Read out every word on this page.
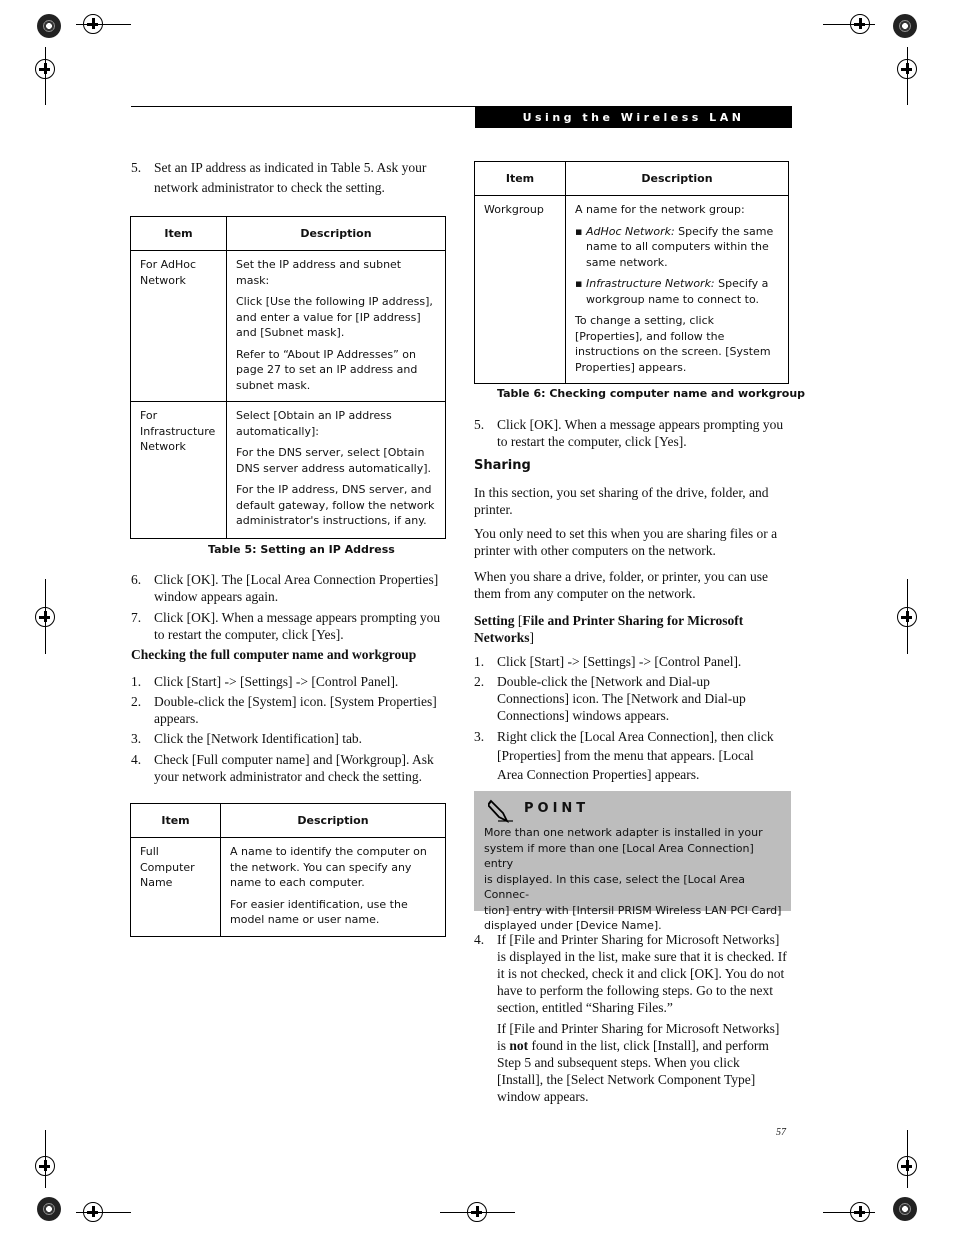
Using the Wireless LAN
5. Set an IP address as indicated in Table 5. Ask your
network administrator to check the setting.
Item	Description

For AdHoc Network	Set the IP address and subnet mask:

Click [Use the following IP address], and enter a value for [IP address] and [Subnet mask].

Refer to “About IP Addresses” on page 27 to set an IP address and subnet mask.

For Infrastructure Network	Select [Obtain an IP address automatically]:

For the DNS server, select [Obtain DNS server address automatically].

For the IP address, DNS server, and default gateway, follow the network administrator's instructions, if any.

Table 5: Setting an IP Address
6. Click [OK]. The [Local Area Connection Properties]
window appears again.
7. Click [OK]. When a message appears prompting you
to restart the computer, click [Yes].
Checking the full computer name and workgroup
1. Click [Start] -> [Settings] -> [Control Panel].
2. Double-click the [System] icon. [System Properties]
appears.
3. Click the [Network Identification] tab.
4. Check [Full computer name] and [Workgroup]. Ask
your network administrator and check the setting.
Item	Description

Full Computer Name	A name to identify the computer on the network. You can specify any name to each computer.

For easier identification, use the model name or user name.

Item	Description

Workgroup	A name for the network group:

▪ AdHoc Network: Specify the same name to all computers within the same network.

▪ Infrastructure Network: Specify a workgroup name to connect to.

To change a setting, click [Properties], and follow the instructions on the screen. [System Properties] appears.

Table 6: Checking computer name and workgroup
5. Click [OK]. When a message appears prompting you
to restart the computer, click [Yes].
Sharing
In this section, you set sharing of the drive, folder, and
printer.
You only need to set this when you are sharing files or a
printer with other computers on the network.
When you share a drive, folder, or printer, you can use
them from any computer on the network.
Setting [File and Printer Sharing for Microsoft
Networks]
1. Click [Start] -> [Settings] -> [Control Panel].
2. Double-click the [Network and Dial-up
Connections] icon. The [Network and Dial-up
Connections] windows appears.
3. Right click the [Local Area Connection], then click
[Properties] from the menu that appears. [Local
Area Connection Properties] appears.
POINT
More than one network adapter is installed in your
system if more than one [Local Area Connection] entry
is displayed. In this case, select the [Local Area Connec-
tion] entry with [Intersil PRISM Wireless LAN PCI Card]
displayed under [Device Name].
4. If [File and Printer Sharing for Microsoft Networks]
is displayed in the list, make sure that it is checked. If
it is not checked, check it and click [OK]. You do not
have to perform the following steps. Go to the next
section, entitled “Sharing Files.”
If [File and Printer Sharing for Microsoft Networks]
is not found in the list, click [Install], and perform
Step 5 and subsequent steps. When you click
[Install], the [Select Network Component Type]
window appears.
57
